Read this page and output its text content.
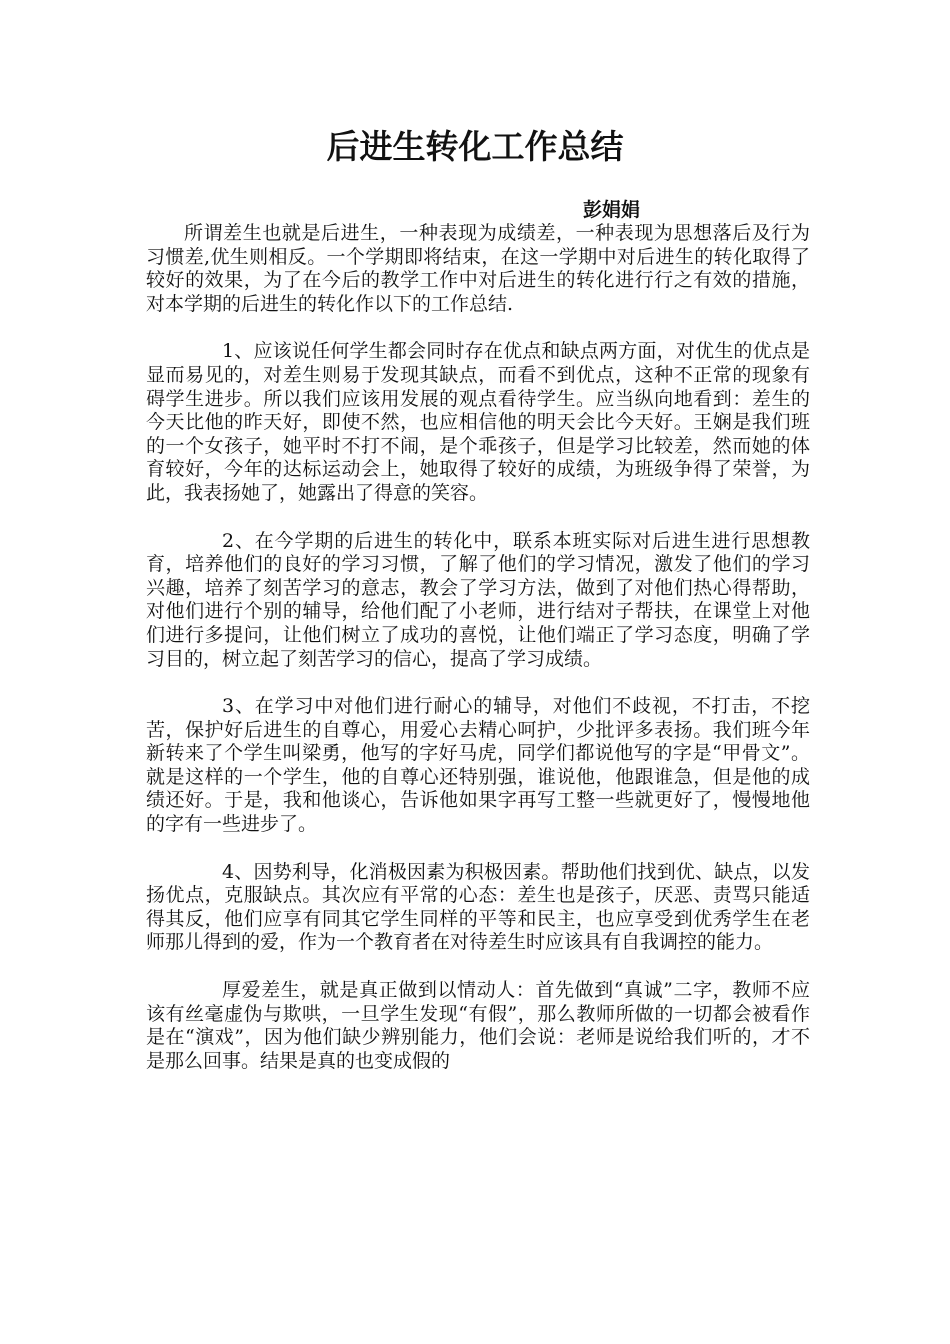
后进生转化工作总结

彭娟娟

所谓差生也就是后进生，一种表现为成绩差，一种表现为思想落后及行为习惯差,优生则相反。一个学期即将结束，在这一学期中对后进生的转化取得了较好的效果，为了在今后的教学工作中对后进生的转化进行行之有效的措施，对本学期的后进生的转化作以下的工作总结.

1、应该说任何学生都会同时存在优点和缺点两方面，对优生的优点是显而易见的，对差生则易于发现其缺点，而看不到优点，这种不正常的现象有碍学生进步。所以我们应该用发展的观点看待学生。应当纵向地看到：差生的今天比他的昨天好，即使不然，也应相信他的明天会比今天好。王娴是我们班的一个女孩子，她平时不打不闹，是个乖孩子，但是学习比较差，然而她的体育较好，今年的达标运动会上，她取得了较好的成绩，为班级争得了荣誉，为此，我表扬她了，她露出了得意的笑容。

2、在今学期的后进生的转化中，联系本班实际对后进生进行思想教育，培养他们的良好的学习习惯，了解了他们的学习情况，激发了他们的学习兴趣，培养了刻苦学习的意志，教会了学习方法，做到了对他们热心得帮助，对他们进行个别的辅导，给他们配了小老师，进行结对子帮扶，在课堂上对他们进行多提问，让他们树立了成功的喜悦，让他们端正了学习态度，明确了学习目的，树立起了刻苦学习的信心，提高了学习成绩。

3、在学习中对他们进行耐心的辅导，对他们不歧视，不打击，不挖苦，保护好后进生的自尊心，用爱心去精心呵护，少批评多表扬。我们班今年新转来了个学生叫梁勇，他写的字好马虎，同学们都说他写的字是“甲骨文”。就是这样的一个学生，他的自尊心还特别强，谁说他，他跟谁急，但是他的成绩还好。于是，我和他谈心，告诉他如果字再写工整一些就更好了，慢慢地他的字有一些进步了。

4、因势利导，化消极因素为积极因素。帮助他们找到优、缺点，以发扬优点，克服缺点。其次应有平常的心态：差生也是孩子，厌恶、责骂只能适得其反，他们应享有同其它学生同样的平等和民主，也应享受到优秀学生在老师那儿得到的爱，作为一个教育者在对待差生时应该具有自我调控的能力。

厚爱差生，就是真正做到以情动人：首先做到“真诚”二字，教师不应该有丝毫虚伪与欺哄，一旦学生发现“有假”，那么教师所做的一切都会被看作是在“演戏”，因为他们缺少辨别能力，他们会说：老师是说给我们听的，才不是那么回事。结果是真的也变成假的
